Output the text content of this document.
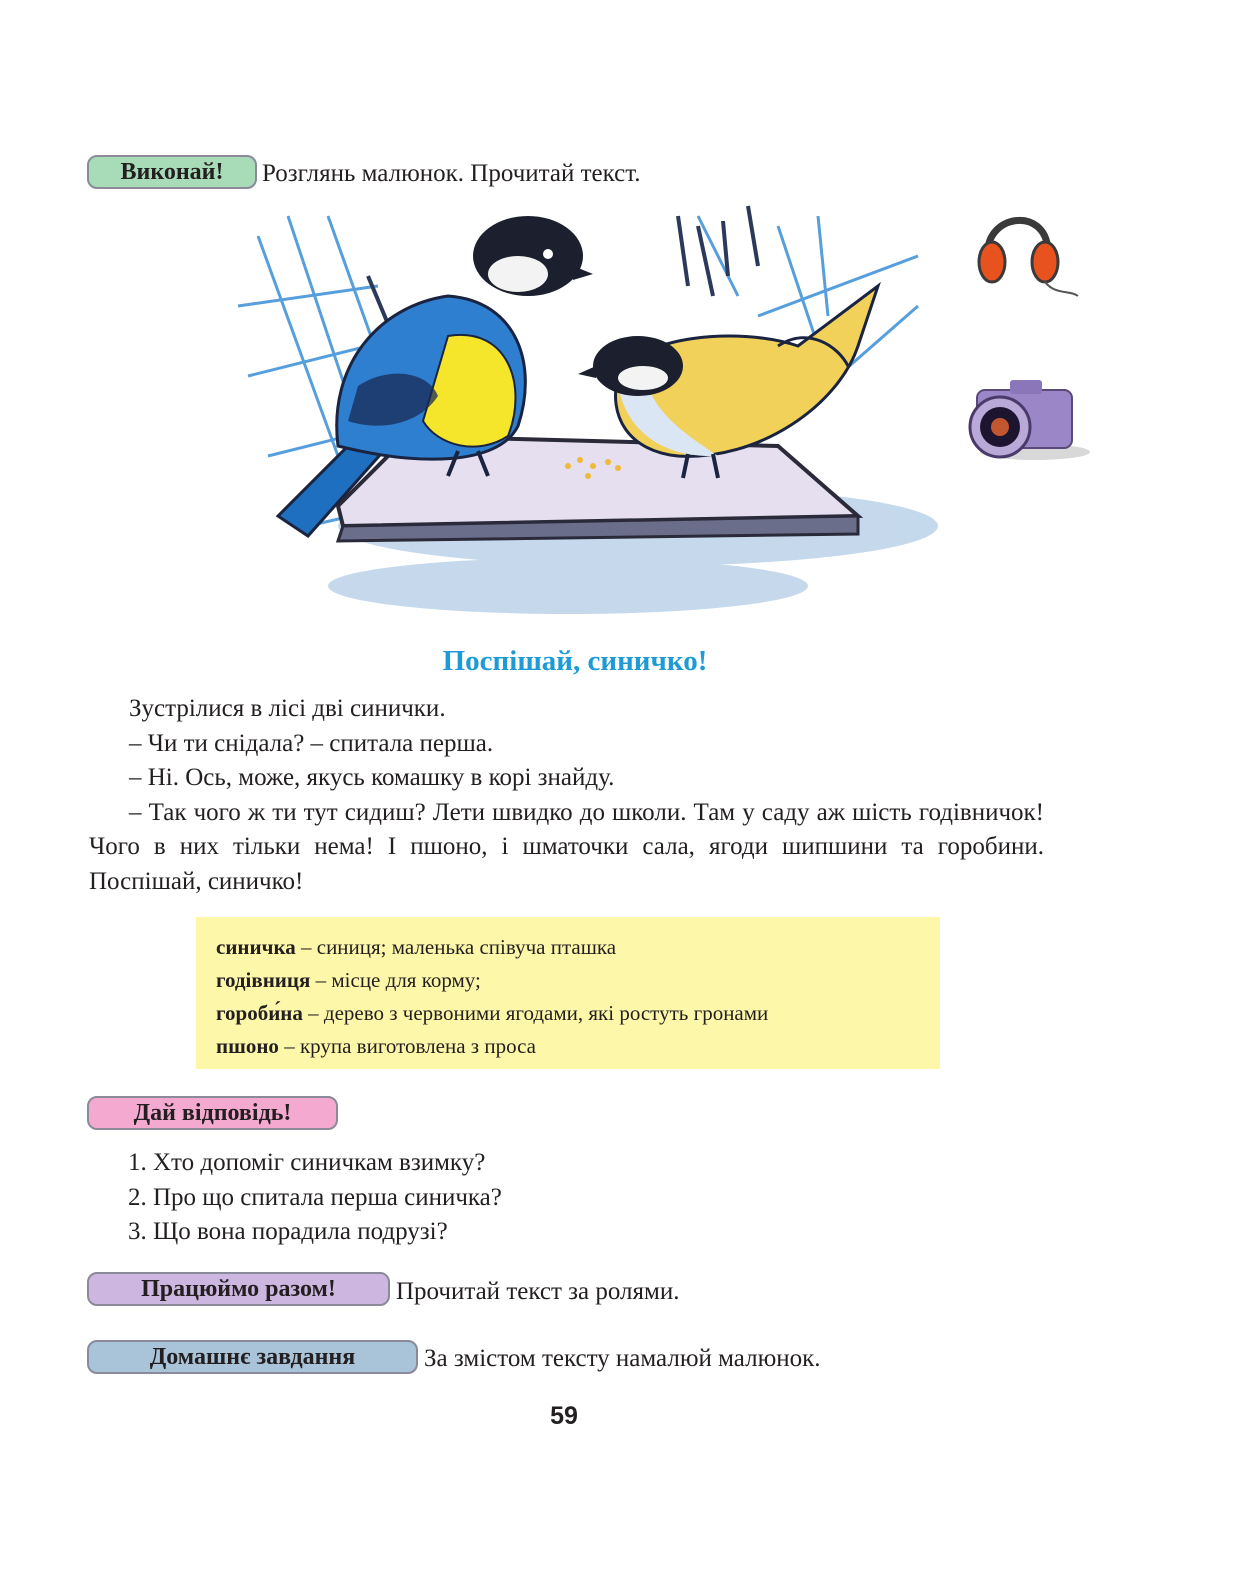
Виконай!	Розглянь малюнок. Прочитай текст.
Поспішай, синичко!

Зустрілися в лісі дві синички.

– Чи ти снідала? – спитала перша.

– Ні. Ось, може, якусь комашку в корі знайду.

– Так чого ж ти тут сидиш? Лети швидко до школи. Там у саду аж шість годівничок! Чого в них тільки нема! І пшоно, і шматочки сала, ягоди шипшини та горобини. Поспішай, синичко!

синичка – синиця; маленька співуча пташка
годівниця – місце для корму;
гороби́на – дерево з червоними ягодами, які ростуть гронами
пшоно – крупа виготовлена з проса
Дай відповідь!
1. Хто допоміг синичкам взимку?
2. Про що спитала перша синичка?
3. Що вона порадила подрузі?
Працюймо разом!	Прочитай текст за ролями.
Домашнє завдання	За змістом тексту намалюй малюнок.
59
